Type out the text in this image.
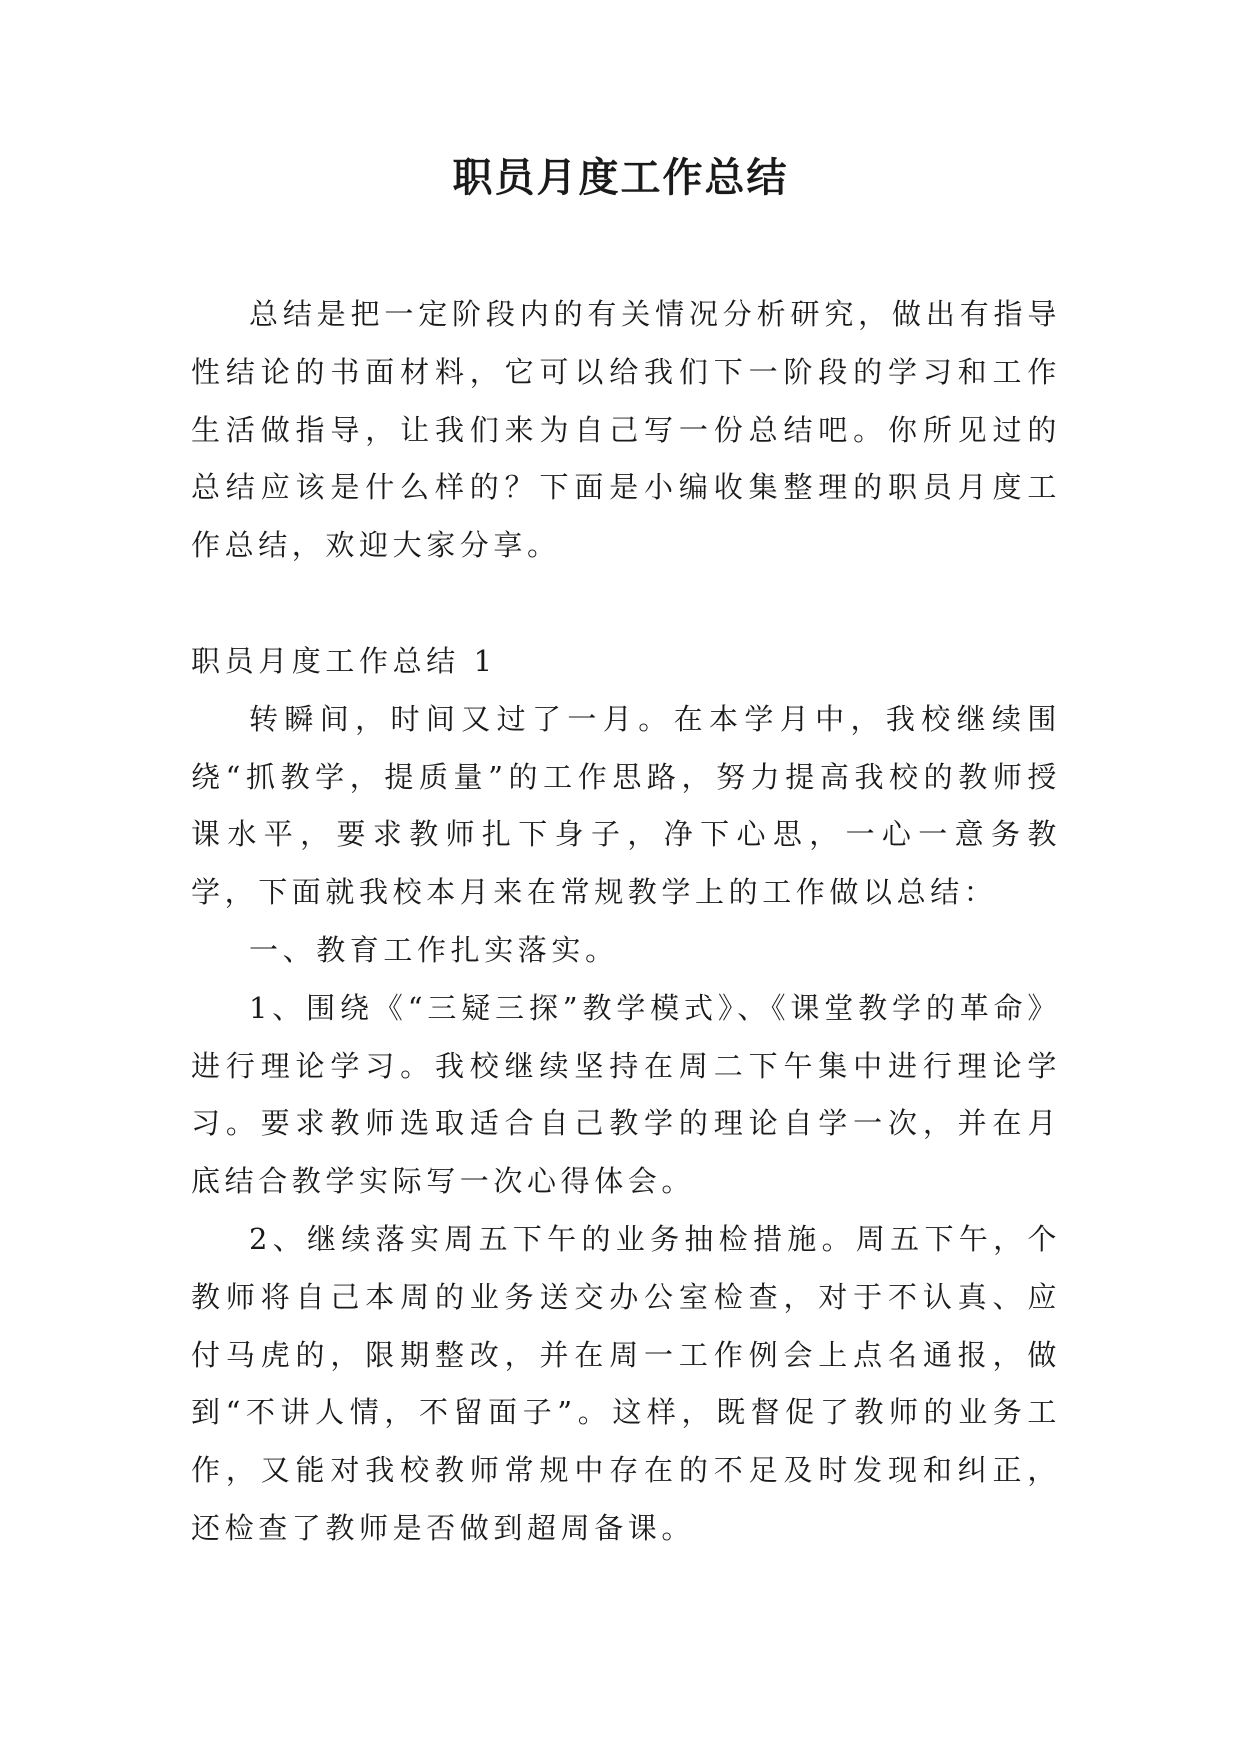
职员月度工作总结

总结是把一定阶段内的有关情况分析研究，做出有指导性结论的书面材料，它可以给我们下一阶段的学习和工作生活做指导，让我们来为自己写一份总结吧。你所见过的总结应该是什么样的？下面是小编收集整理的职员月度工作总结，欢迎大家分享。

职员月度工作总结 1

转瞬间，时间又过了一月。在本学月中，我校继续围绕“抓教学，提质量”的工作思路，努力提高我校的教师授课水平，要求教师扎下身子，净下心思，一心一意务教学，下面就我校本月来在常规教学上的工作做以总结：

一、教育工作扎实落实。

1、围绕《“三疑三探”教学模式》、《课堂教学的革命》进行理论学习。我校继续坚持在周二下午集中进行理论学习。要求教师选取适合自己教学的理论自学一次，并在月底结合教学实际写一次心得体会。

2、继续落实周五下午的业务抽检措施。周五下午，个教师将自己本周的业务送交办公室检查，对于不认真、应付马虎的，限期整改，并在周一工作例会上点名通报，做到“不讲人情，不留面子”。这样，既督促了教师的业务工作，又能对我校教师常规中存在的不足及时发现和纠正，还检查了教师是否做到超周备课。
